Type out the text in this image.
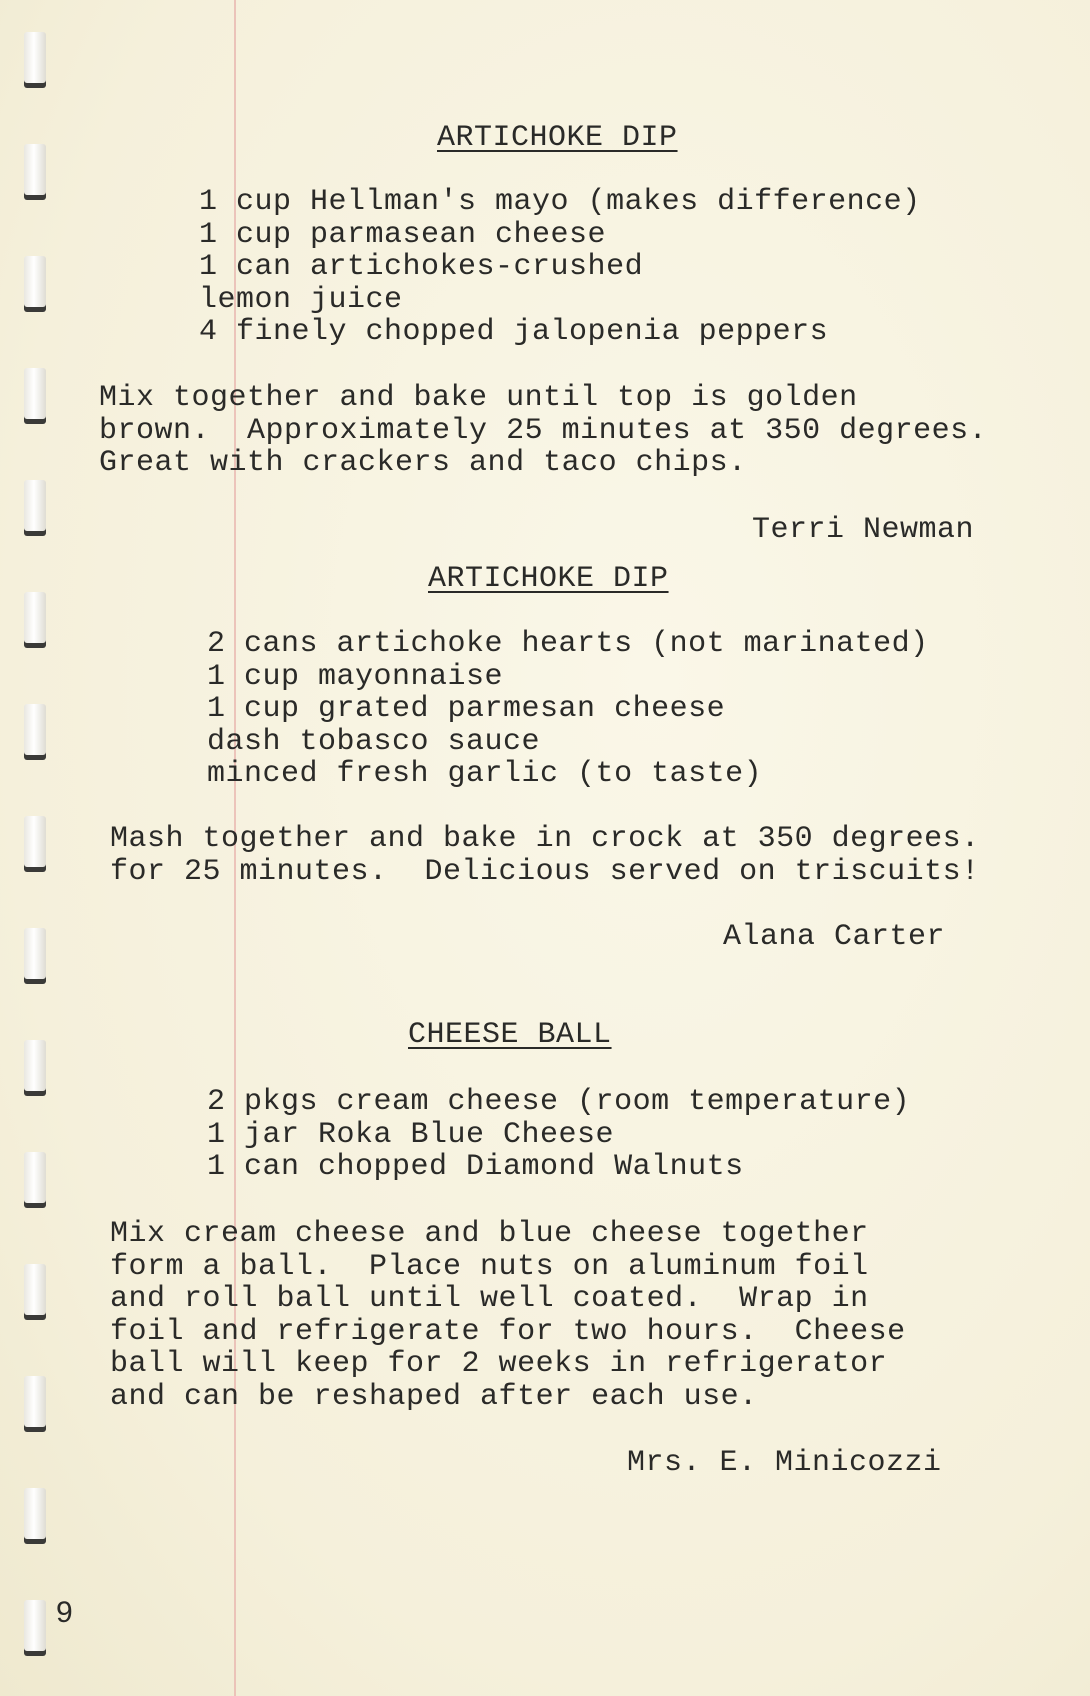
ARTICHOKE DIP
1 cup Hellman's mayo (makes difference)
1 cup parmasean cheese
1 can artichokes-crushed
lemon juice
4 finely chopped jalopenia peppers
Mix together and bake until top is golden
brown.  Approximately 25 minutes at 350 degrees.
Great with crackers and taco chips.
Terri Newman
ARTICHOKE DIP
2 cans artichoke hearts (not marinated)
1 cup mayonnaise
1 cup grated parmesan cheese
dash tobasco sauce
minced fresh garlic (to taste)
Mash together and bake in crock at 350 degrees.
for 25 minutes.  Delicious served on triscuits!
Alana Carter
CHEESE BALL
2 pkgs cream cheese (room temperature)
1 jar Roka Blue Cheese
1 can chopped Diamond Walnuts
Mix cream cheese and blue cheese together
form a ball.  Place nuts on aluminum foil
and roll ball until well coated.  Wrap in
foil and refrigerate for two hours.  Cheese
ball will keep for 2 weeks in refrigerator
and can be reshaped after each use.
Mrs. E. Minicozzi
9
